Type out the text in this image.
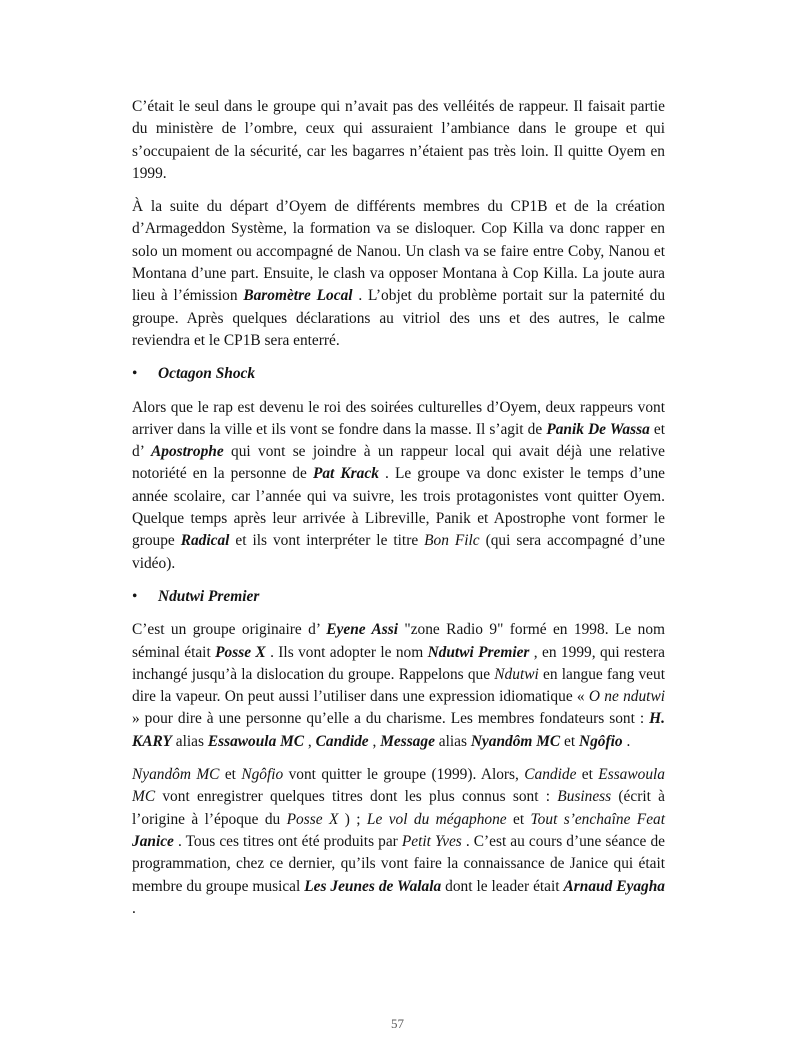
C’était le seul dans le groupe qui n’avait pas des velléités de rappeur. Il faisait partie du ministère de l’ombre, ceux qui assuraient l’ambiance dans le groupe et qui s’occupaient de la sécurité, car les bagarres n’étaient pas très loin. Il quitte Oyem en 1999.

À la suite du départ d’Oyem de différents membres du CP1B et de la création d’Armageddon Système, la formation va se disloquer. Cop Killa va donc rapper en solo un moment ou accompagné de Nanou. Un clash va se faire entre Coby, Nanou et Montana d’une part. Ensuite, le clash va opposer Montana à Cop Killa. La joute aura lieu à l’émission Baromètre Local . L’objet du problème portait sur la paternité du groupe. Après quelques déclarations au vitriol des uns et des autres, le calme reviendra et le CP1B sera enterré.

•	Octagon Shock

Alors que le rap est devenu le roi des soirées culturelles d’Oyem, deux rappeurs vont arriver dans la ville et ils vont se fondre dans la masse. Il s’agit de Panik De Wassa et d’ Apostrophe qui vont se joindre à un rappeur local qui avait déjà une relative notoriété en la personne de Pat Krack . Le groupe va donc exister le temps d’une année scolaire, car l’année qui va suivre, les trois protagonistes vont quitter Oyem. Quelque temps après leur arrivée à Libreville, Panik et Apostrophe vont former le groupe Radical et ils vont interpréter le titre Bon Filc (qui sera accompagné d’une vidéo).

•	Ndutwi Premier

C’est un groupe originaire d’ Eyene Assi "zone Radio 9" formé en 1998. Le nom séminal était Posse X . Ils vont adopter le nom Ndutwi Premier , en 1999, qui restera inchangé jusqu’à la dislocation du groupe. Rappelons que Ndutwi en langue fang veut dire la vapeur. On peut aussi l’utiliser dans une expression idiomatique « O ne ndutwi » pour dire à une personne qu’elle a du charisme. Les membres fondateurs sont : H. KARY alias Essawoula MC , Candide , Message alias Nyandôm MC et Ngôfio .

Nyandôm MC et Ngôfio vont quitter le groupe (1999). Alors, Candide et Essawoula MC vont enregistrer quelques titres dont les plus connus sont : Business (écrit à l’origine à l’époque du Posse X ) ; Le vol du mégaphone et Tout s’enchaîne Feat Janice . Tous ces titres ont été produits par Petit Yves . C’est au cours d’une séance de programmation, chez ce dernier, qu’ils vont faire la connaissance de Janice qui était membre du groupe musical Les Jeunes de Walala dont le leader était Arnaud Eyagha .

57
